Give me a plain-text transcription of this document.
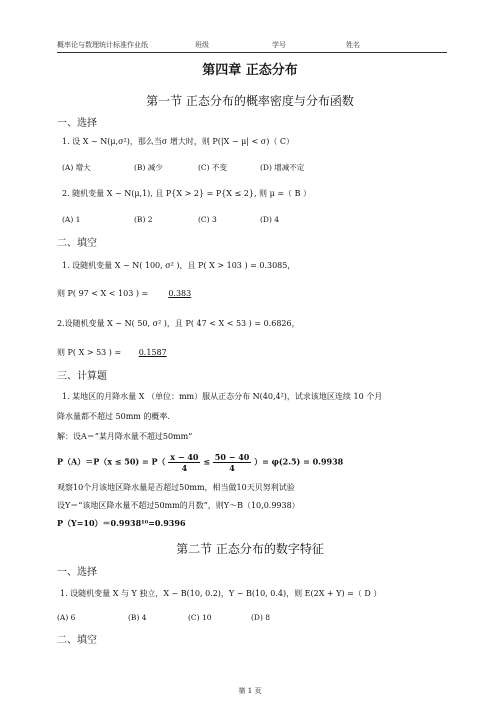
概率论与数理统计标准作业纸	班级	学号	姓名
第四章 正态分布
第一节 正态分布的概率密度与分布函数
一、选择
1. 设 X ~ N(μ,σ²)，那么当σ 增大时，则 P(|X − μ| < σ)（ C）
(A) 增大	(B) 减少	(C) 不变	(D) 增减不定
2. 随机变量 X ~ N(μ,1), 且 P{X > 2} = P{X ≤ 2}, 则 μ =（ B ）
(A) 1	(B) 2	(C) 3	(D) 4
二、填空
1. 设随机变量 X ~ N( 100, σ² )，且 P( X > 103 ) = 0.3085，
则 P( 97 < X < 103 ) =	0.383
2.设随机变量 X ~ N( 50, σ² )，且 P( 47 < X < 53 ) = 0.6826，
则 P( X > 53 ) = 0.1587
三、计算题
1. 某地区的月降水量 X （单位：mm）服从正态分布 N(40,4²)，试求该地区连续 10 个月
降水量都不超过 50mm 的概率.
解：设A＝“某月降水量不超过50mm”
$P(A)=P(x \le 50) = P( \frac{x - 40}{4} \le \frac{50 - 40}{4}$ ）= φ(2.5) = 0.9938
观察10个月该地区降水量是否超过50mm，相当做10天贝努利试验
设Y＝“该地区降水量不超过50mm的月数”，则Y～B（10,0.9938）
P（Y=10）＝0.9938¹⁰=0.9396
第二节 正态分布的数字特征
一、选择
1. 设随机变量 X 与 Y 独立，X ~ B(10, 0.2)，Y ~ B(10, 0.4)，则 E(2X + Y) =（ D ）
(A) 6	(B) 4	(C) 10	(D) 8
二、填空
第 1 页
